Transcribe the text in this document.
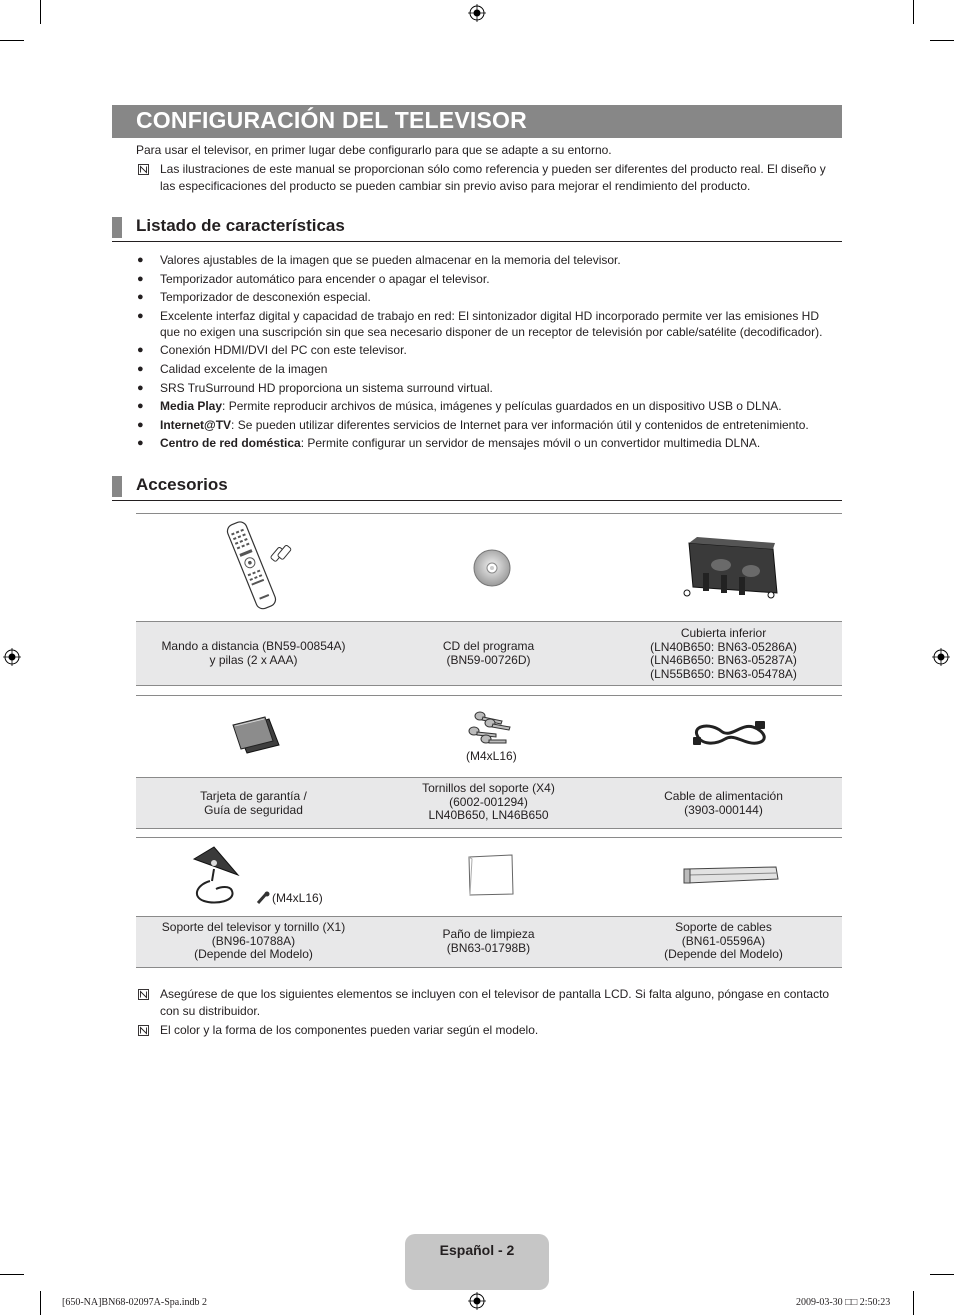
CONFIGURACIÓN DEL TELEVISOR
Para usar el televisor, en primer lugar debe configurarlo para que se adapte a su entorno.
Las ilustraciones de este manual se proporcionan sólo como referencia y pueden ser diferentes del producto real. El diseño y
las especificaciones del producto se pueden cambiar sin previo aviso para mejorar el rendimiento del producto.
Listado de características
● Valores ajustables de la imagen que se pueden almacenar en la memoria del televisor.
● Temporizador automático para encender o apagar el televisor.
● Temporizador de desconexión especial.
● Excelente interfaz digital y capacidad de trabajo en red: El sintonizador digital HD incorporado permite ver las emisiones HD que no exigen una suscripción sin que sea necesario disponer de un receptor de televisión por cable/satélite (decodificador).
● Conexión HDMI/DVI del PC con este televisor.
● Calidad excelente de la imagen
● SRS TruSurround HD proporciona un sistema surround virtual.
● Media Play: Permite reproducir archivos de música, imágenes y películas guardados en un dispositivo USB o DLNA.
● Internet@TV: Se pueden utilizar diferentes servicios de Internet para ver información útil y contenidos de entretenimiento.
● Centro de red doméstica: Permite configurar un servidor de mensajes móvil o un convertidor multimedia DLNA.
Accesorios
Mando a distancia (BN59-00854A)
y pilas (2 x AAA)
CD del programa
(BN59-00726D)
Cubierta inferior
(LN40B650: BN63-05286A)
(LN46B650: BN63-05287A)
(LN55B650: BN63-05478A)
(M4xL16)
Tarjeta de garantía /
Guía de seguridad
Tornillos del soporte (X4)
(6002-001294)
LN40B650, LN46B650
Cable de alimentación
(3903-000144)
(M4xL16)
Soporte del televisor y tornillo (X1)
(BN96-10788A)
(Depende del Modelo)
Paño de limpieza
(BN63-01798B)
Soporte de cables
(BN61-05596A)
(Depende del Modelo)
Asegúrese de que los siguientes elementos se incluyen con el televisor de pantalla LCD. Si falta alguno, póngase en contacto
con su distribuidor.
El color y la forma de los componentes pueden variar según el modelo.
Español - 2
[650-NA]BN68-02097A-Spa.indb 2	2009-03-30 □□ 2:50:23
